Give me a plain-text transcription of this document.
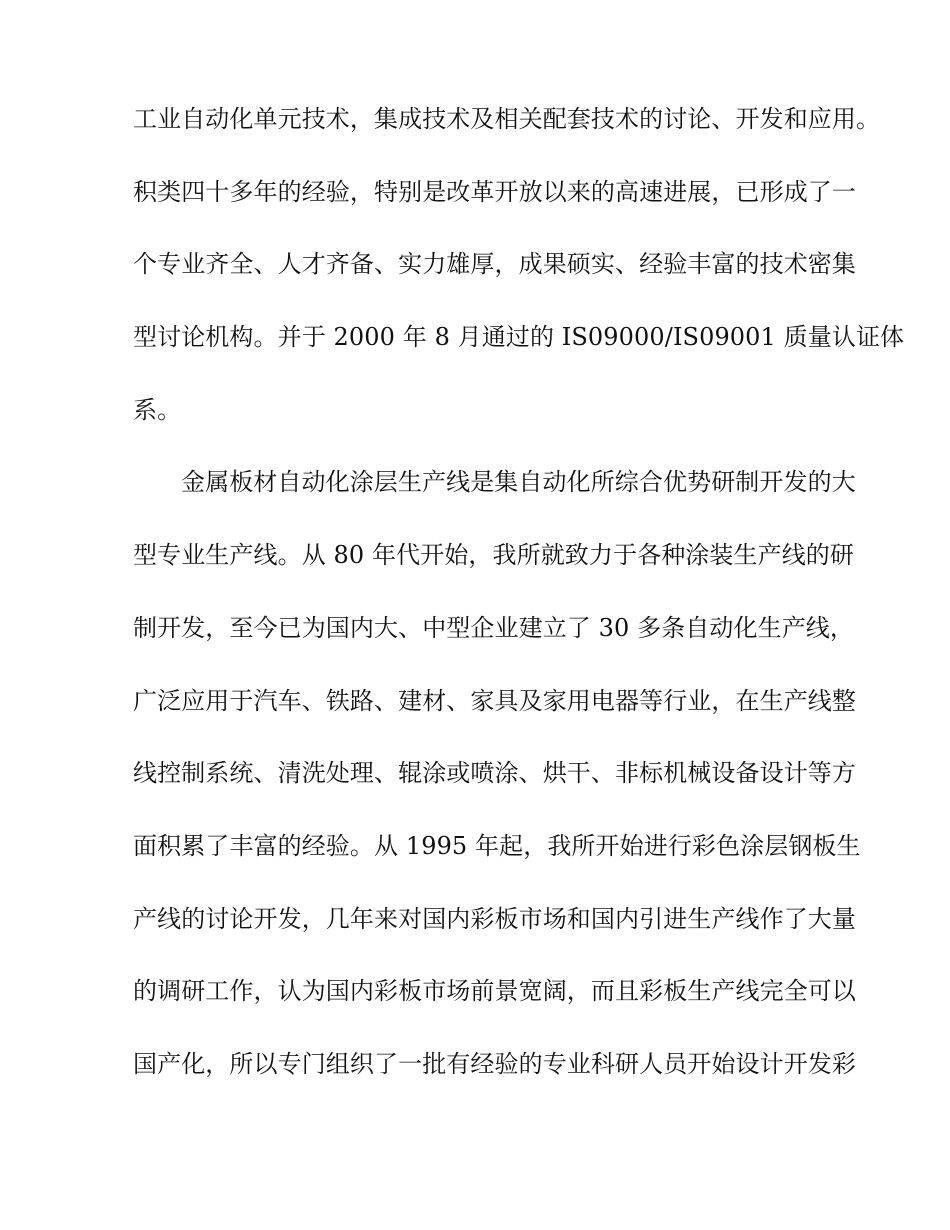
工业自动化单元技术，集成技术及相关配套技术的讨论、开发和应用。
积类四十多年的经验，特别是改革开放以来的高速进展，已形成了一
个专业齐全、人才齐备、实力雄厚，成果硕实、经验丰富的技术密集
型讨论机构。并于 2000 年 8 月通过的 IS09000/IS09001 质量认证体
系。
金属板材自动化涂层生产线是集自动化所综合优势研制开发的大
型专业生产线。从 80 年代开始，我所就致力于各种涂装生产线的研
制开发，至今已为国内大、中型企业建立了 30 多条自动化生产线，
广泛应用于汽车、铁路、建材、家具及家用电器等行业，在生产线整
线控制系统、清洗处理、辊涂或喷涂、烘干、非标机械设备设计等方
面积累了丰富的经验。从 1995 年起，我所开始进行彩色涂层钢板生
产线的讨论开发，几年来对国内彩板市场和国内引进生产线作了大量
的调研工作，认为国内彩板市场前景宽阔，而且彩板生产线完全可以
国产化，所以专门组织了一批有经验的专业科研人员开始设计开发彩
